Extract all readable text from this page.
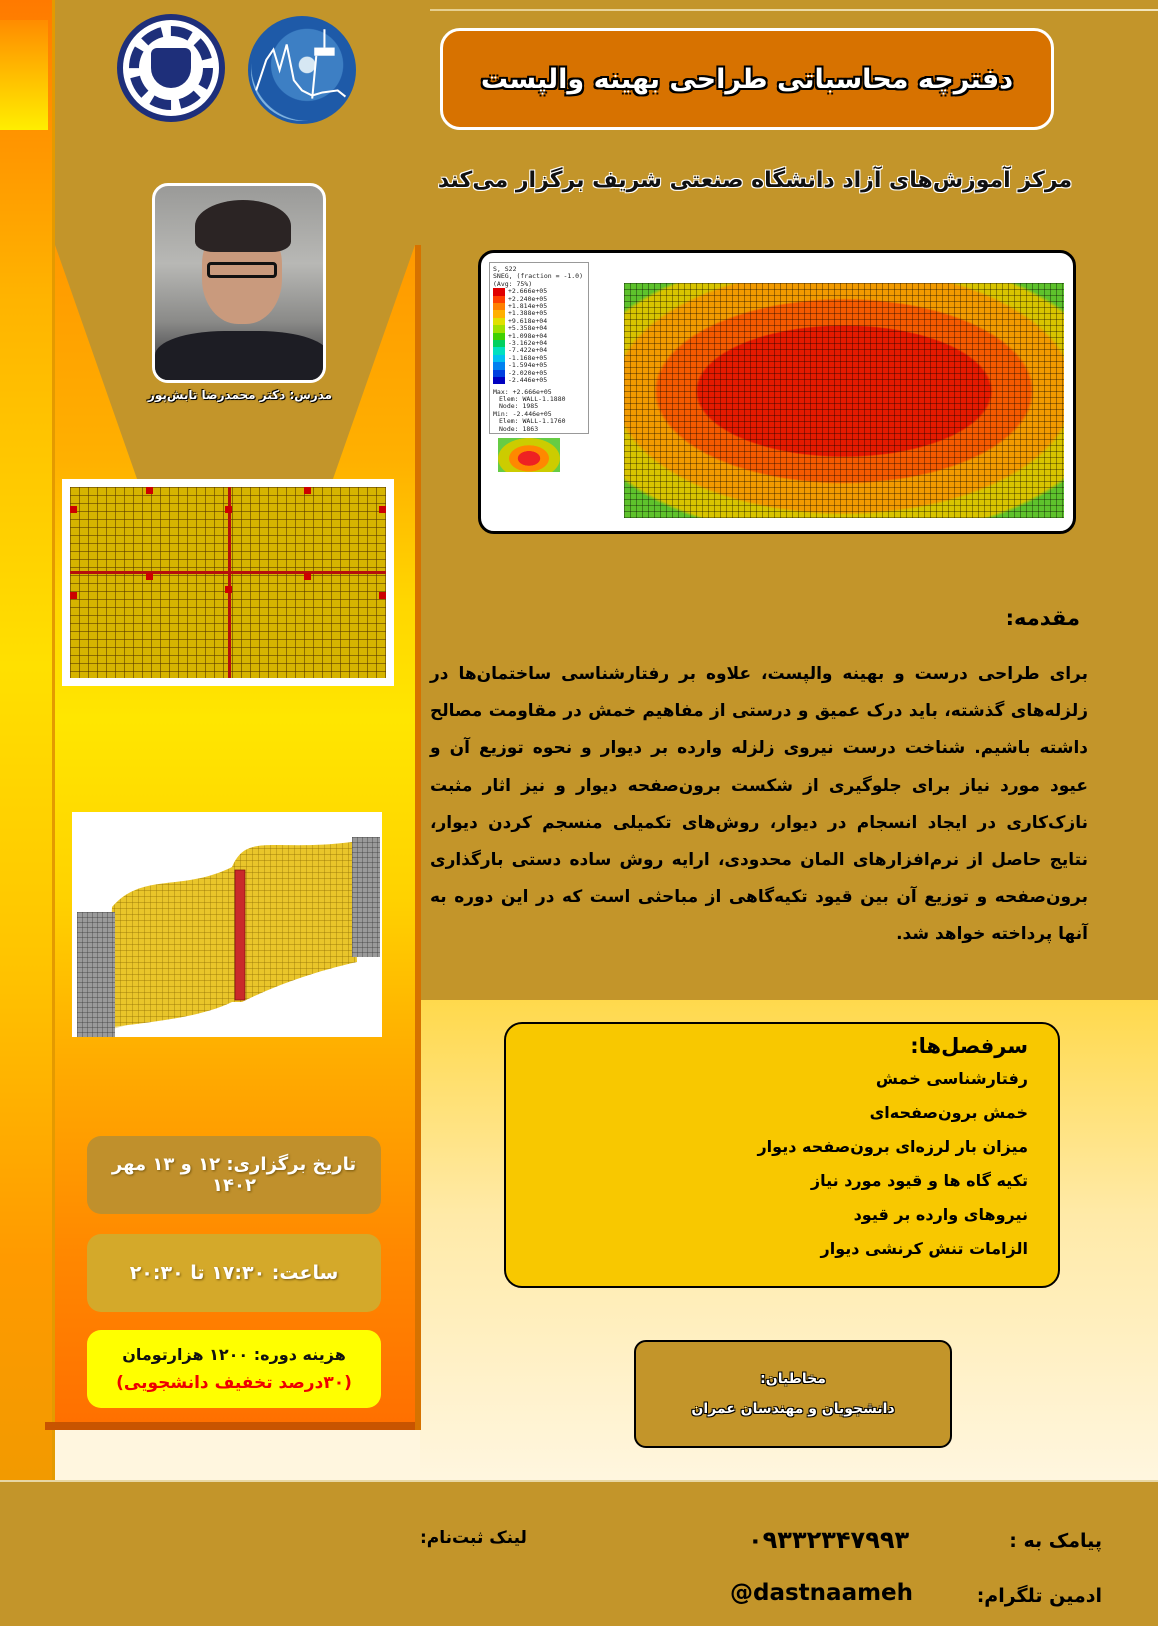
دفترچه محاسباتی طراحی بهینه والپست
مرکز آموزش‌های آزاد دانشگاه صنعتی شریف برگزار می‌کند
مدرس: دکتر محمدرضا تابش‌پور
S, S22
SNEG, (fraction = -1.0)
(Avg: 75%)
+2.666e+05
+2.240e+05
+1.814e+05
+1.388e+05
+9.618e+04
+5.358e+04
+1.098e+04
-3.162e+04
-7.422e+04
-1.168e+05
-1.594e+05
-2.020e+05
-2.446e+05
Max: +2.666e+05
Elem: WALL-1.1880
Node: 1985
Min: -2.446e+05
Elem: WALL-1.1760
Node: 1863
مقدمه:
برای طراحی درست و بهینه والپست، علاوه بر رفتارشناسی ساختمان‌ها در زلزله‌های گذشته، باید درک عمیق و درستی از مفاهیم خمش در مقاومت مصالح داشته باشیم. شناخت درست نیروی زلزله وارده بر دیوار و نحوه توزیع آن و عیود مورد نیاز برای جلوگیری از شکست برون‌صفحه دیوار و نیز اثار مثبت نازک‌کاری در ایجاد انسجام در دیوار، روش‌های تکمیلی منسجم کردن دیوار، نتایج حاصل از نرم‌افزارهای المان محدودی، ارایه روش ساده دستی بارگذاری برون‌صفحه و توزیع آن بین قیود تکیه‌گاهی از مباحثی است که در این دوره به آنها پرداخته خواهد شد.
تاریخ برگزاری: ۱۲ و ۱۳ مهر ۱۴۰۲
ساعت: ۱۷:۳۰ تا ۲۰:۳۰
هزینه دوره: ۱۲۰۰ هزارتومان
(۳۰درصد تخفیف دانشجویی)
سرفصل‌ها:
رفتارشناسی خمش
خمش برون‌صفحه‌ای
میزان بار لرزه‌ای برون‌صفحه دیوار
تکیه گاه ها و قیود مورد نیاز
نیروهای وارده بر قیود
الزامات تنش کرنشی دیوار
مخاطبان:
دانشجویان و مهندسان عمران
پیامک به :
۰۹۳۳۲۳۴۷۹۹۳
لینک ثبت‌نام:
ادمین تلگرام:
@dastnaameh
